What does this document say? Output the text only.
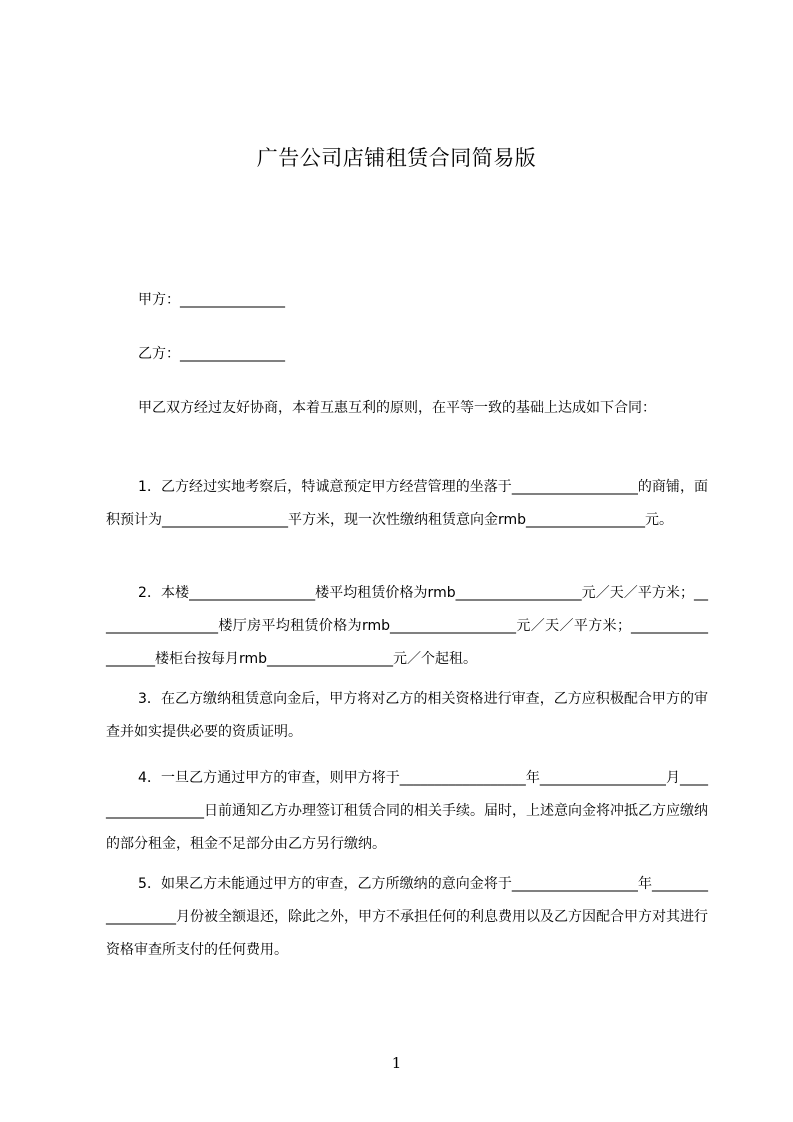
广告公司店铺租赁合同简易版
甲方：_______________
乙方：_______________

甲乙双方经过友好协商，本着互惠互利的原则，在平等一致的基础上达成如下合同：

1．乙方经过实地考察后，特诚意预定甲方经营管理的坐落于__________________的商铺，面积预计为__________________平方米，现一次性缴纳租赁意向金rmb_________________元。

2．本楼__________________楼平均租赁价格为rmb__________________元／天／平方米；__________________楼厅房平均租赁价格为rmb__________________元／天／平方米；__________________楼柜台按每月rmb__________________元／个起租。

3．在乙方缴纳租赁意向金后，甲方将对乙方的相关资格进行审查，乙方应积极配合甲方的审查并如实提供必要的资质证明。

4．一旦乙方通过甲方的审查，则甲方将于__________________年__________________月__________________日前通知乙方办理签订租赁合同的相关手续。届时，上述意向金将冲抵乙方应缴纳的部分租金，租金不足部分由乙方另行缴纳。

5．如果乙方未能通过甲方的审查，乙方所缴纳的意向金将于__________________年__________________月份被全额退还，除此之外，甲方不承担任何的利息费用以及乙方因配合甲方对其进行资格审查所支付的任何费用。

1
